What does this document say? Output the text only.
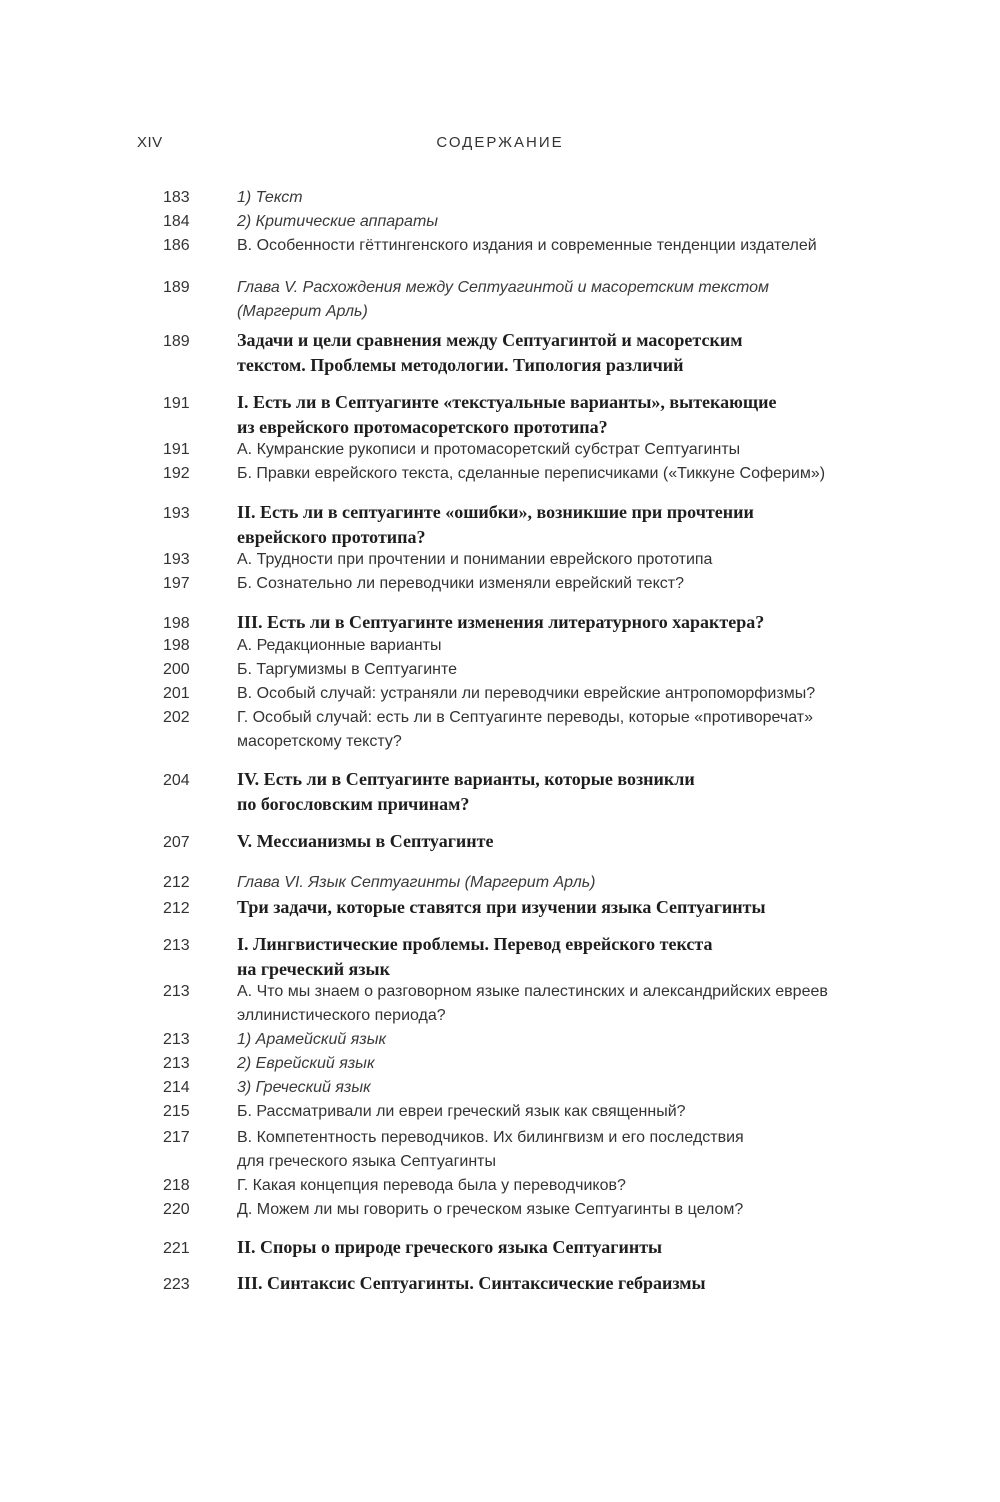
XIV	СОДЕРЖАНИЕ
183	1) Текст
184	2) Критические аппараты
186	В. Особенности гёттингенского издания и современные тенденции издателей
189	Глава V. Расхождения между Септуагинтой и масоретским текстом
(Маргерит Арль)
189	Задачи и цели сравнения между Септуагинтой и масоретским
текстом. Проблемы методологии. Типология различий
191	I. Есть ли в Септуагинте «текстуальные варианты», вытекающие
из еврейского протомасоретского прототипа?
191	А. Кумранские рукописи и протомасоретский субстрат Септуагинты
192	Б. Правки еврейского текста, сделанные переписчиками («Тиккуне Соферим»)
193	II. Есть ли в септуагинте «ошибки», возникшие при прочтении
еврейского прототипа?
193	А. Трудности при прочтении и понимании еврейского прототипа
197	Б. Сознательно ли переводчики изменяли еврейский текст?
198	III. Есть ли в Септуагинте изменения литературного характера?
198	А. Редакционные варианты
200	Б. Таргумизмы в Септуагинте
201	В. Особый случай: устраняли ли переводчики еврейские антропоморфизмы?
202	Г. Особый случай: есть ли в Септуагинте переводы, которые «противоречат»
масоретскому тексту?
204	IV. Есть ли в Септуагинте варианты, которые возникли
по богословским причинам?
207	V. Мессианизмы в Септуагинте
212	Глава VI. Язык Септуагинты (Маргерит Арль)
212	Три задачи, которые ставятся при изучении языка Септуагинты
213	I. Лингвистические проблемы. Перевод еврейского текста
на греческий язык
213	А. Что мы знаем о разговорном языке палестинских и александрийских евреев
эллинистического периода?
213	1) Арамейский язык
213	2) Еврейский язык
214	3) Греческий язык
215	Б. Рассматривали ли евреи греческий язык как священный?
217	В. Компетентность переводчиков. Их билингвизм и его последствия
для греческого языка Септуагинты
218	Г. Какая концепция перевода была у переводчиков?
220	Д. Можем ли мы говорить о греческом языке Септуагинты в целом?
221	II. Споры о природе греческого языка Септуагинты
223	III. Синтаксис Септуагинты. Синтаксические гебраизмы
